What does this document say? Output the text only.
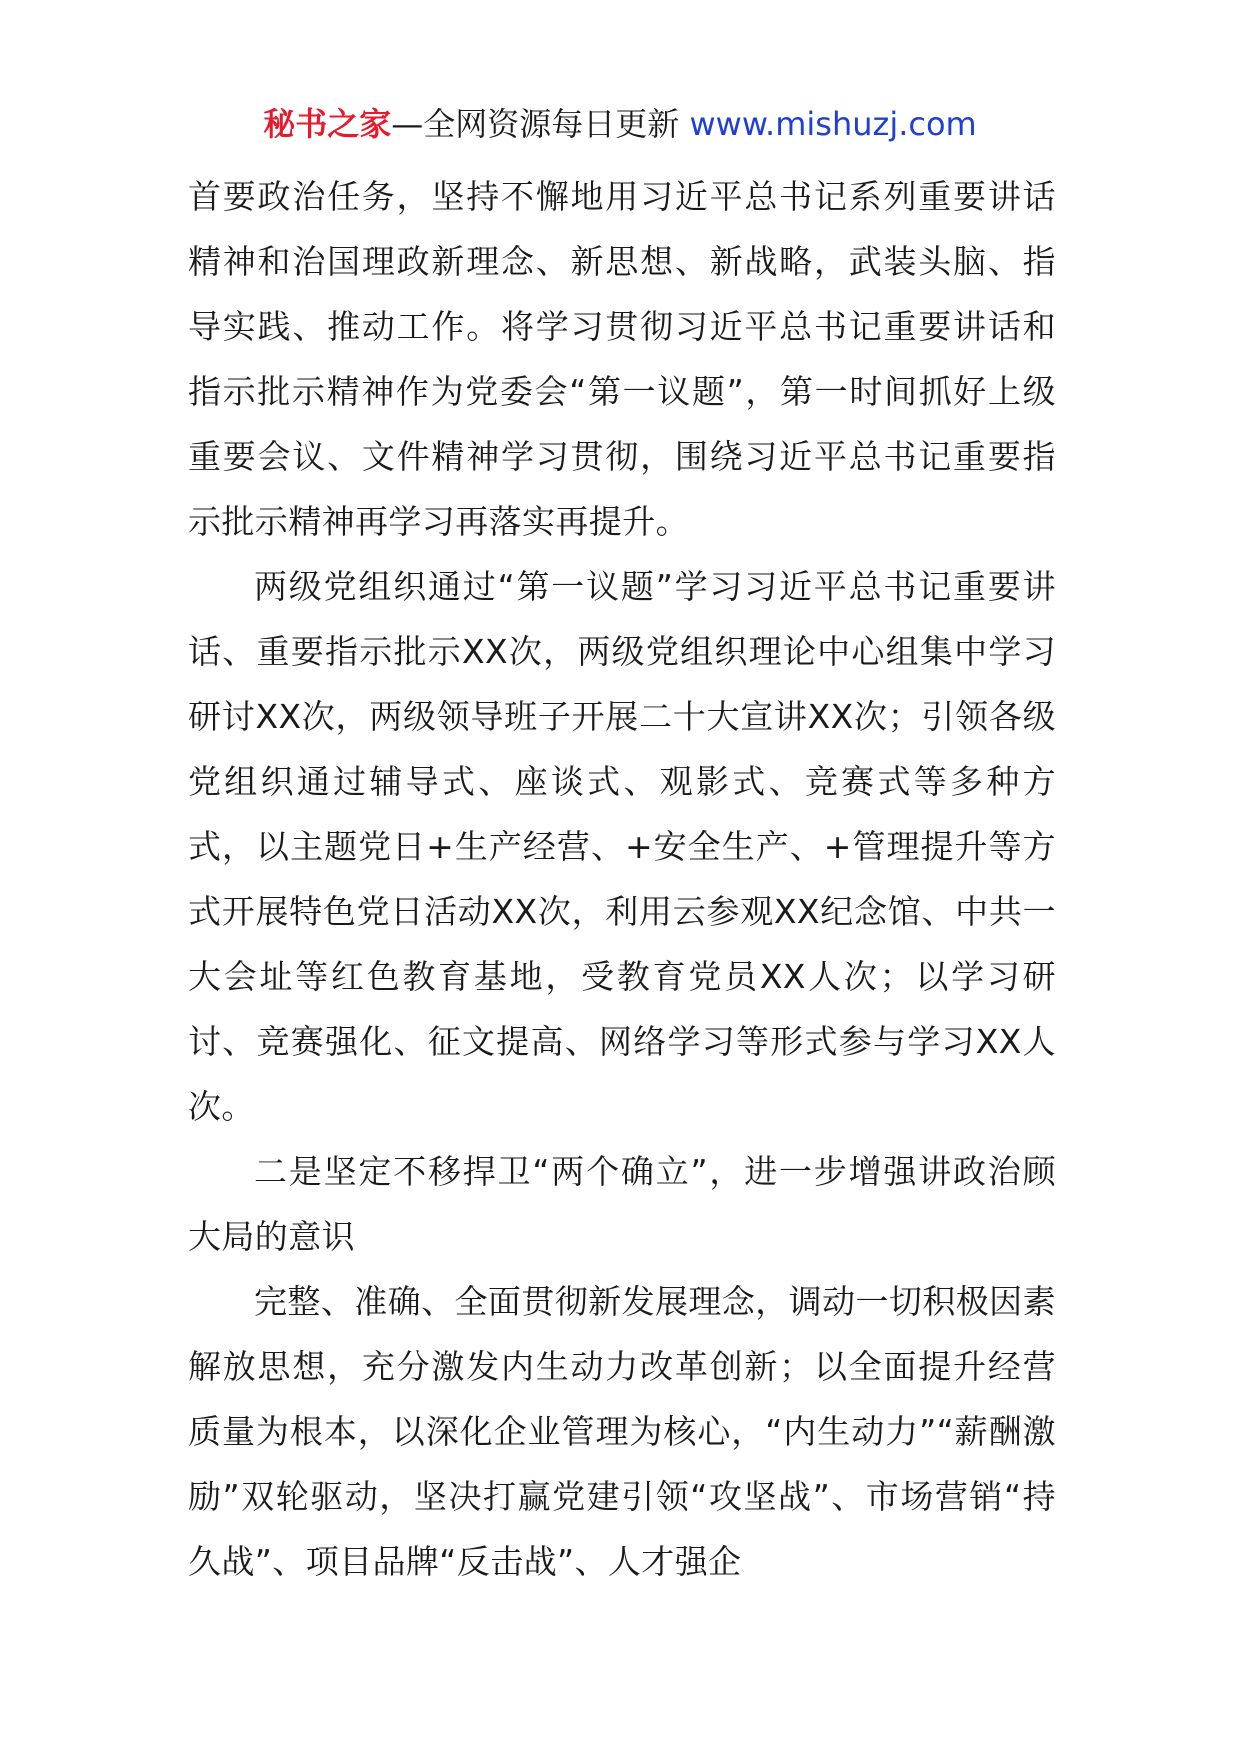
秘书之家—全网资源每日更新 www.mishuzj.com

首要政治任务，坚持不懈地用习近平总书记系列重要讲话精神和治国理政新理念、新思想、新战略，武装头脑、指导实践、推动工作。将学习贯彻习近平总书记重要讲话和指示批示精神作为党委会“第一议题”，第一时间抓好上级重要会议、文件精神学习贯彻，围绕习近平总书记重要指示批示精神再学习再落实再提升。

两级党组织通过“第一议题”学习习近平总书记重要讲话、重要指示批示XX次，两级党组织理论中心组集中学习研讨XX次，两级领导班子开展二十大宣讲XX次；引领各级党组织通过辅导式、座谈式、观影式、竞赛式等多种方式，以主题党日+生产经营、+安全生产、+管理提升等方式开展特色党日活动XX次，利用云参观XX纪念馆、中共一大会址等红色教育基地，受教育党员XX人次；以学习研讨、竞赛强化、征文提高、网络学习等形式参与学习XX人次。

二是坚定不移捍卫“两个确立”，进一步增强讲政治顾大局的意识

完整、准确、全面贯彻新发展理念，调动一切积极因素解放思想，充分激发内生动力改革创新；以全面提升经营质量为根本，以深化企业管理为核心，“内生动力”“薪酬激励”双轮驱动，坚决打赢党建引领“攻坚战”、市场营销“持久战”、项目品牌“反击战”、人才强企
